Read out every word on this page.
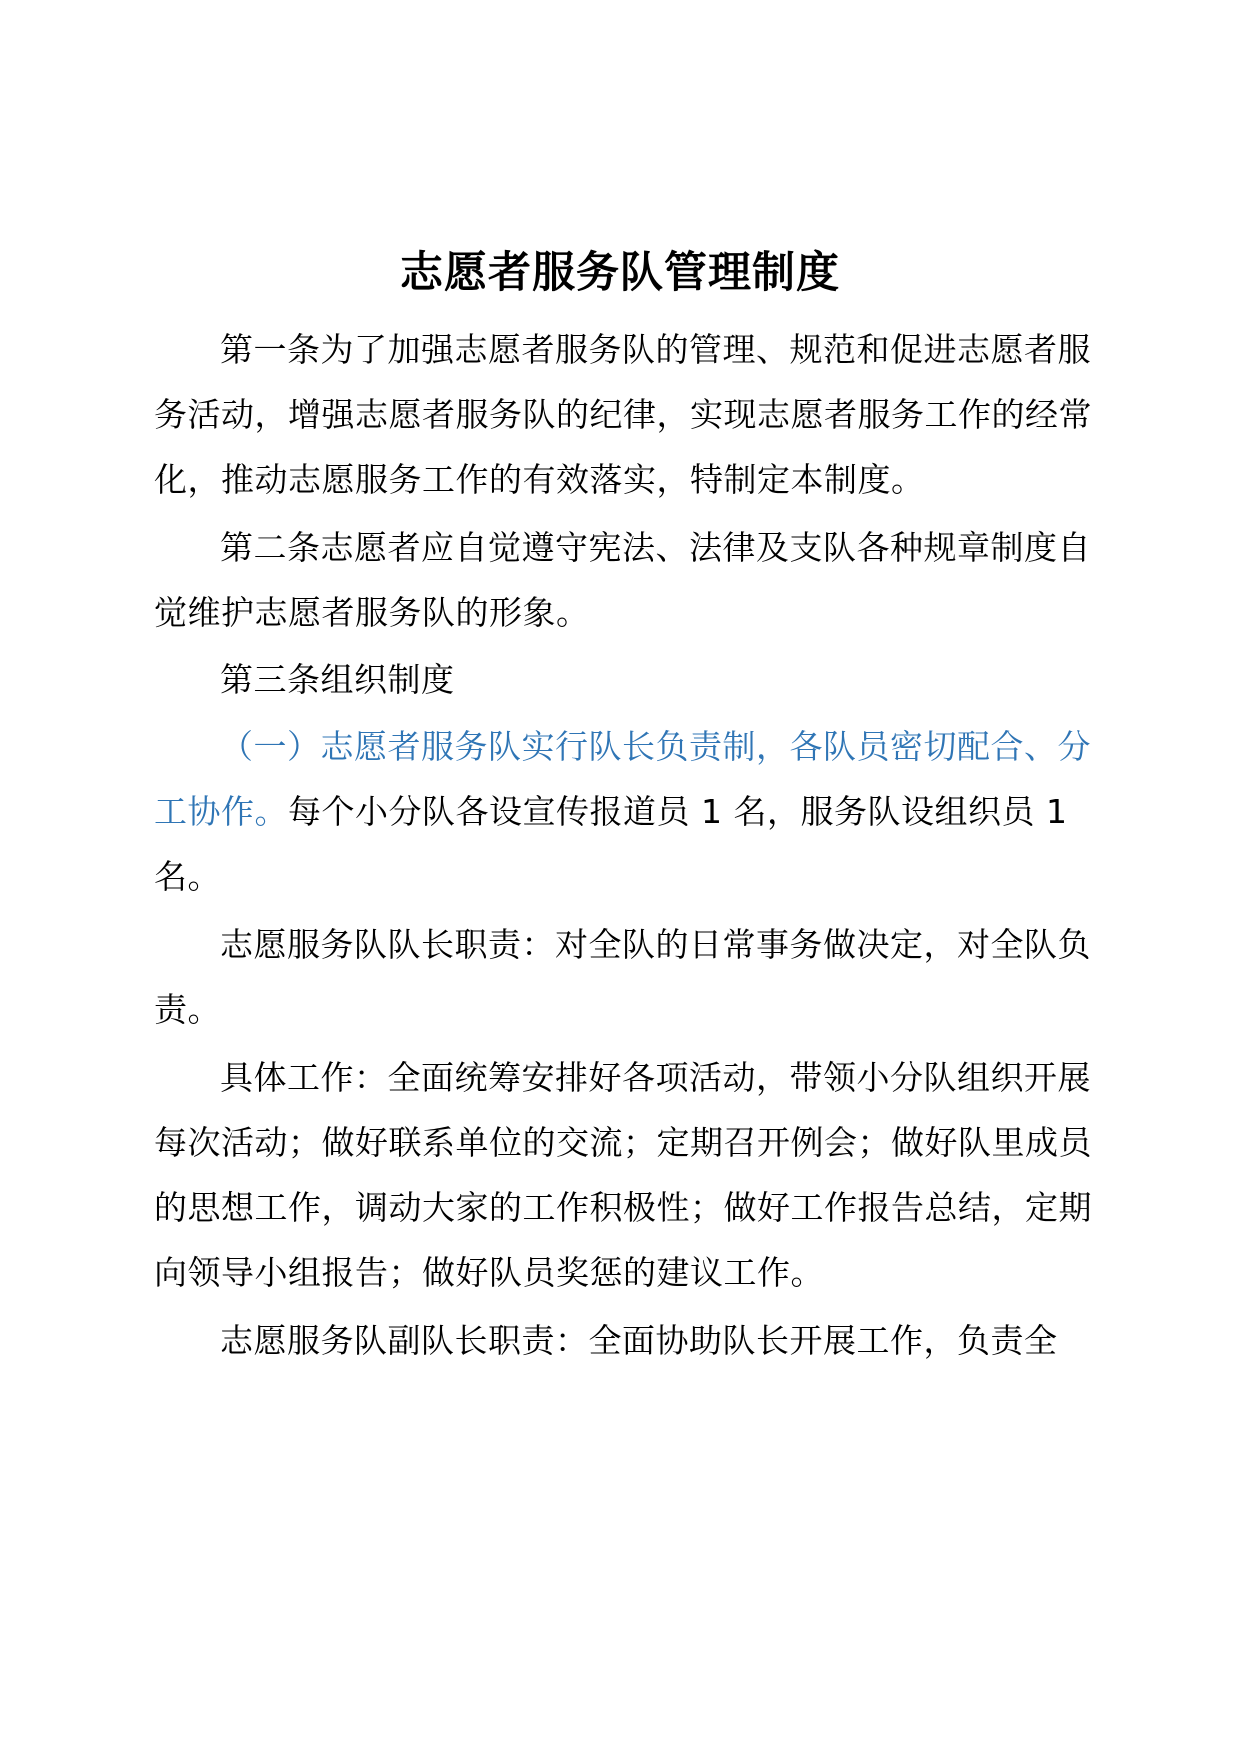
志愿者服务队管理制度

第一条为了加强志愿者服务队的管理、规范和促进志愿者服务活动，增强志愿者服务队的纪律，实现志愿者服务工作的经常化，推动志愿服务工作的有效落实，特制定本制度。

第二条志愿者应自觉遵守宪法、法律及支队各种规章制度自觉维护志愿者服务队的形象。

第三条组织制度

（一）志愿者服务队实行队长负责制，各队员密切配合、分工协作。每个小分队各设宣传报道员 1 名，服务队设组织员 1 名。

志愿服务队队长职责：对全队的日常事务做决定，对全队负责。

具体工作：全面统筹安排好各项活动，带领小分队组织开展每次活动；做好联系单位的交流；定期召开例会；做好队里成员的思想工作，调动大家的工作积极性；做好工作报告总结，定期向领导小组报告；做好队员奖惩的建议工作。

志愿服务队副队长职责：全面协助队长开展工作，负责全
